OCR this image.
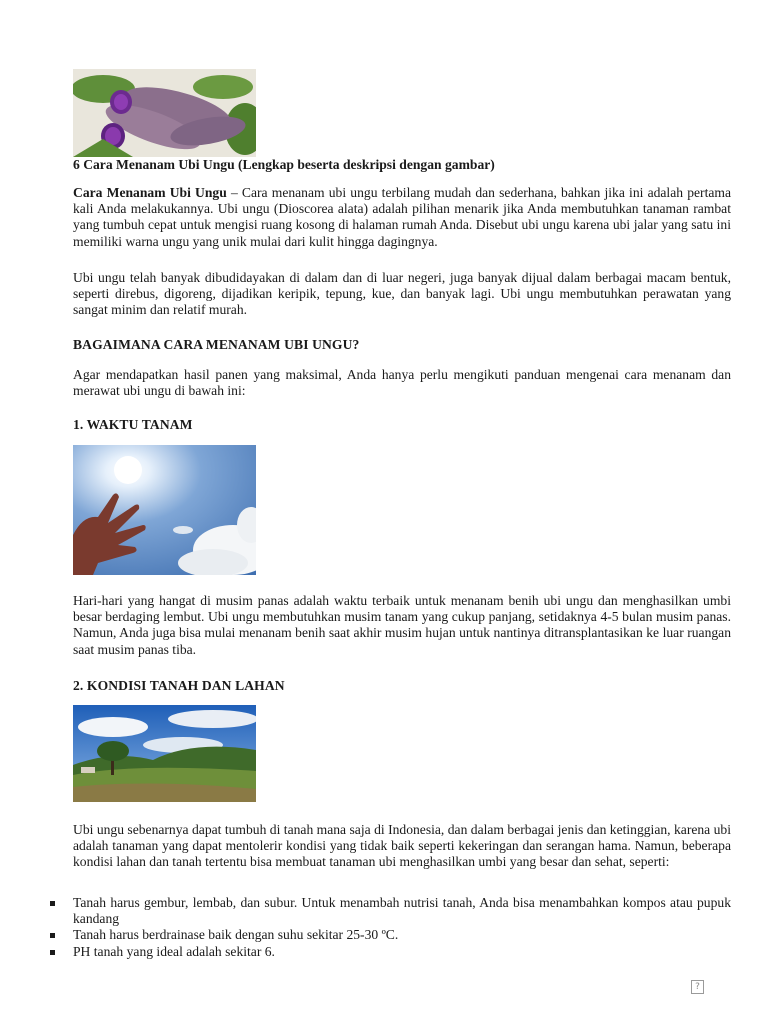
6 Cara Menanam Ubi Ungu (Lengkap beserta deskripsi dengan gambar)
Cara Menanam Ubi Ungu – Cara menanam ubi ungu terbilang mudah dan sederhana, bahkan jika ini adalah pertama kali Anda melakukannya. Ubi ungu (Dioscorea alata) adalah pilihan menarik jika Anda membutuhkan tanaman rambat yang tumbuh cepat untuk mengisi ruang kosong di halaman rumah Anda. Disebut ubi ungu karena ubi jalar yang satu ini memiliki warna ungu yang unik mulai dari kulit hingga dagingnya.
Ubi ungu telah banyak dibudidayakan di dalam dan di luar negeri, juga banyak dijual dalam berbagai macam bentuk, seperti direbus, digoreng, dijadikan keripik, tepung, kue, dan banyak lagi. Ubi ungu membutuhkan perawatan yang sangat minim dan relatif murah.
BAGAIMANA CARA MENANAM UBI UNGU?
Agar mendapatkan hasil panen yang maksimal, Anda hanya perlu mengikuti panduan mengenai cara menanam dan merawat ubi ungu di bawah ini:
1. WAKTU TANAM
Hari-hari yang hangat di musim panas adalah waktu terbaik untuk menanam benih ubi ungu dan menghasilkan umbi besar berdaging lembut. Ubi ungu membutuhkan musim tanam yang cukup panjang, setidaknya 4-5 bulan musim panas. Namun, Anda juga bisa mulai menanam benih saat akhir musim hujan untuk nantinya ditransplantasikan ke luar ruangan saat musim panas tiba.
2. KONDISI TANAH DAN LAHAN
Ubi ungu sebenarnya dapat tumbuh di tanah mana saja di Indonesia, dan dalam berbagai jenis dan ketinggian, karena ubi adalah tanaman yang dapat mentolerir kondisi yang tidak baik seperti kekeringan dan serangan hama. Namun, beberapa kondisi lahan dan tanah tertentu bisa membuat tanaman ubi menghasilkan umbi yang besar dan sehat, seperti:
Tanah harus gembur, lembab, dan subur. Untuk menambah nutrisi tanah, Anda bisa menambahkan kompos atau pupuk kandang
Tanah harus berdrainase baik dengan suhu sekitar 25-30 ºC.
PH tanah yang ideal adalah sekitar 6.
?
